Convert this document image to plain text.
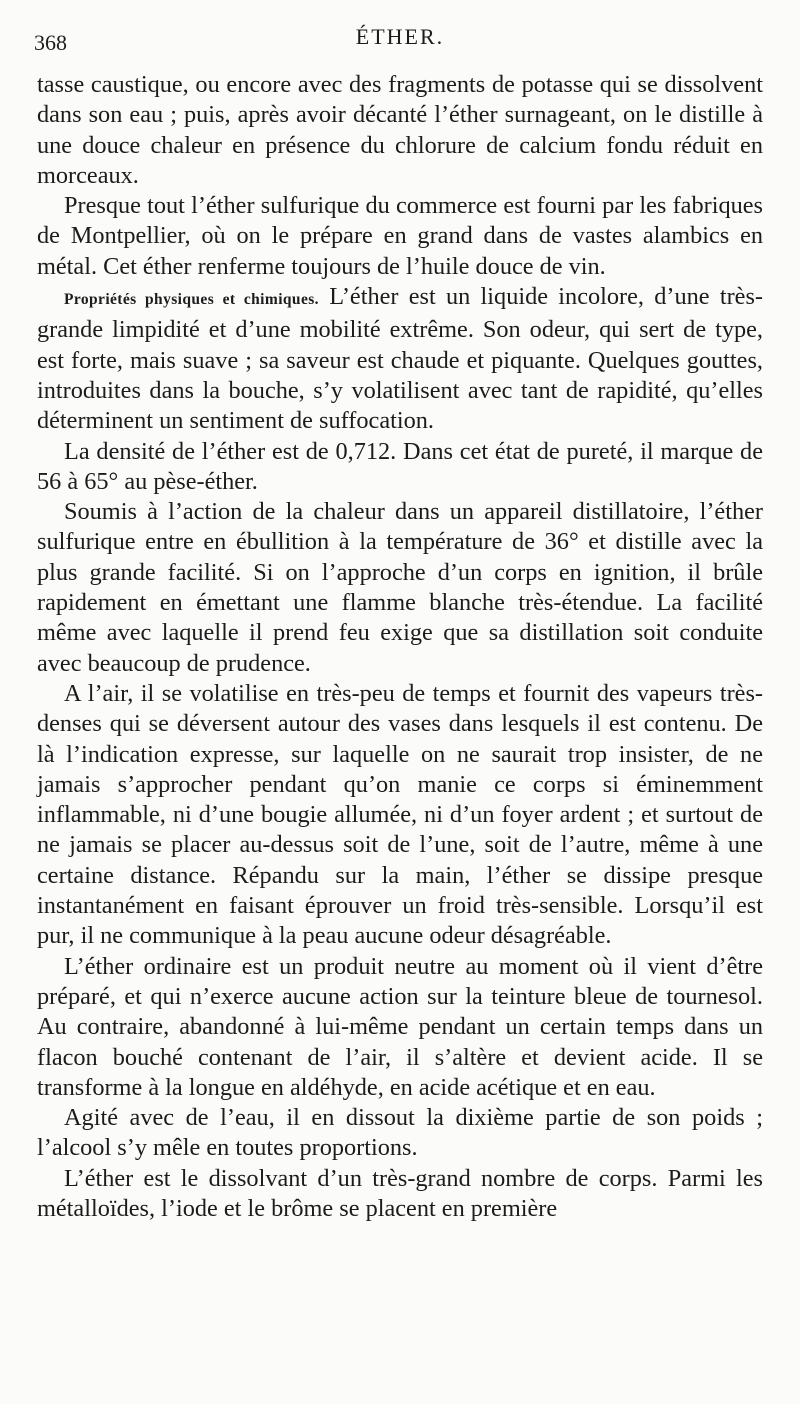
368	ÉTHER.

tasse caustique, ou encore avec des fragments de potasse qui se dissolvent dans son eau ; puis, après avoir décanté l’éther surnageant, on le distille à une douce chaleur en présence du chlorure de calcium fondu réduit en morceaux.

Presque tout l’éther sulfurique du commerce est fourni par les fabriques de Montpellier, où on le prépare en grand dans de vastes alambics en métal. Cet éther renferme toujours de l’huile douce de vin.

Propriétés physiques et chimiques. L’éther est un liquide incolore, d’une très-grande limpidité et d’une mobilité extrême. Son odeur, qui sert de type, est forte, mais suave ; sa saveur est chaude et piquante. Quelques gouttes, introduites dans la bouche, s’y volatilisent avec tant de rapidité, qu’elles déterminent un sentiment de suffocation.

La densité de l’éther est de 0,712. Dans cet état de pureté, il marque de 56 à 65° au pèse-éther.

Soumis à l’action de la chaleur dans un appareil distillatoire, l’éther sulfurique entre en ébullition à la température de 36° et distille avec la plus grande facilité. Si on l’approche d’un corps en ignition, il brûle rapidement en émettant une flamme blanche très-étendue. La facilité même avec laquelle il prend feu exige que sa distillation soit conduite avec beaucoup de prudence.

A l’air, il se volatilise en très-peu de temps et fournit des vapeurs très-denses qui se déversent autour des vases dans lesquels il est contenu. De là l’indication expresse, sur laquelle on ne saurait trop insister, de ne jamais s’approcher pendant qu’on manie ce corps si éminemment inflammable, ni d’une bougie allumée, ni d’un foyer ardent ; et surtout de ne jamais se placer au-dessus soit de l’une, soit de l’autre, même à une certaine distance. Répandu sur la main, l’éther se dissipe presque instantanément en faisant éprouver un froid très-sensible. Lorsqu’il est pur, il ne communique à la peau aucune odeur désagréable.

L’éther ordinaire est un produit neutre au moment où il vient d’être préparé, et qui n’exerce aucune action sur la teinture bleue de tournesol. Au contraire, abandonné à lui-même pendant un certain temps dans un flacon bouché contenant de l’air, il s’altère et devient acide. Il se transforme à la longue en aldéhyde, en acide acétique et en eau.

Agité avec de l’eau, il en dissout la dixième partie de son poids ; l’alcool s’y mêle en toutes proportions.

L’éther est le dissolvant d’un très-grand nombre de corps. Parmi les métalloïdes, l’iode et le brôme se placent en première
